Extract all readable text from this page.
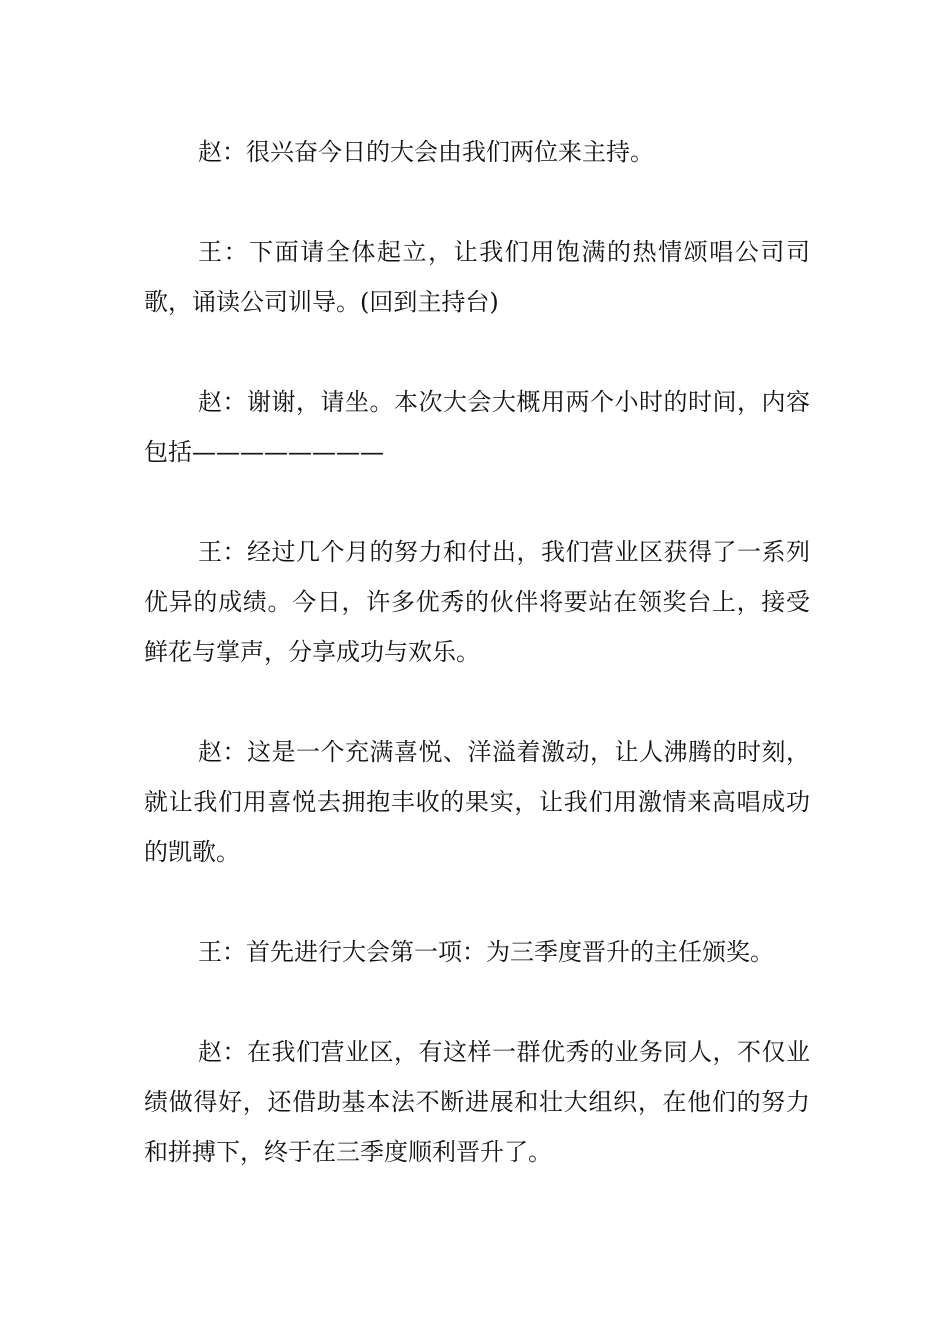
赵：很兴奋今日的大会由我们两位来主持。

王：下面请全体起立，让我们用饱满的热情颂唱公司司歌，诵读公司训导。(回到主持台)

赵：谢谢，请坐。本次大会大概用两个小时的时间，内容包括————————

王：经过几个月的努力和付出，我们营业区获得了一系列优异的成绩。今日，许多优秀的伙伴将要站在领奖台上，接受鲜花与掌声，分享成功与欢乐。

赵：这是一个充满喜悦、洋溢着激动，让人沸腾的时刻，就让我们用喜悦去拥抱丰收的果实，让我们用激情来高唱成功的凯歌。

王：首先进行大会第一项：为三季度晋升的主任颁奖。

赵：在我们营业区，有这样一群优秀的业务同人，不仅业绩做得好，还借助基本法不断进展和壮大组织，在他们的努力和拼搏下，终于在三季度顺利晋升了。
